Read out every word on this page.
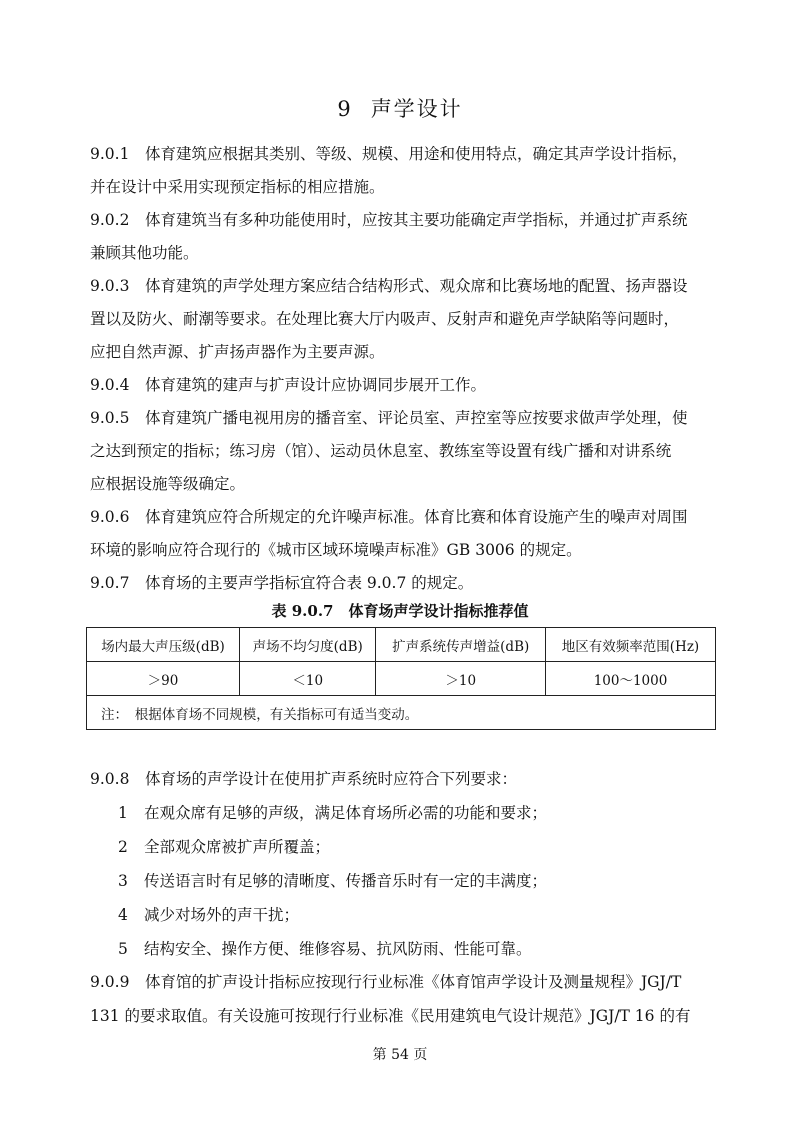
9 声学设计
9.0.1　体育建筑应根据其类别、等级、规模、用途和使用特点，确定其声学设计指标，
并在设计中采用实现预定指标的相应措施。
9.0.2　体育建筑当有多种功能使用时，应按其主要功能确定声学指标，并通过扩声系统
兼顾其他功能。
9.0.3　体育建筑的声学处理方案应结合结构形式、观众席和比赛场地的配置、扬声器设
置以及防火、耐潮等要求。在处理比赛大厅内吸声、反射声和避免声学缺陷等问题时，
应把自然声源、扩声扬声器作为主要声源。
9.0.4　体育建筑的建声与扩声设计应协调同步展开工作。
9.0.5　体育建筑广播电视用房的播音室、评论员室、声控室等应按要求做声学处理，使
之达到预定的指标；练习房（馆）、运动员休息室、教练室等设置有线广播和对讲系统
应根据设施等级确定。
9.0.6　体育建筑应符合所规定的允许噪声标准。体育比赛和体育设施产生的噪声对周围
环境的影响应符合现行的《城市区域环境噪声标准》GB 3006 的规定。
9.0.7　体育场的主要声学指标宜符合表 9.0.7 的规定。
表 9.0.7　体育场声学设计指标推荐值
场内最大声压级(dB)	声场不均匀度(dB)	扩声系统传声增益(dB)	地区有效频率范围(Hz)
＞90	＜10	＞10	100～1000
注：　根据体育场不同规模，有关指标可有适当变动。			
9.0.8　体育场的声学设计在使用扩声系统时应符合下列要求：
1 在观众席有足够的声级，满足体育场所必需的功能和要求；
2 全部观众席被扩声所覆盖；
3 传送语言时有足够的清晰度、传播音乐时有一定的丰满度；
4 减少对场外的声干扰；
5 结构安全、操作方便、维修容易、抗风防雨、性能可靠。
9.0.9　体育馆的扩声设计指标应按现行行业标准《体育馆声学设计及测量规程》JGJ/T
131 的要求取值。有关设施可按现行行业标准《民用建筑电气设计规范》JGJ/T 16 的有
第 54 页
